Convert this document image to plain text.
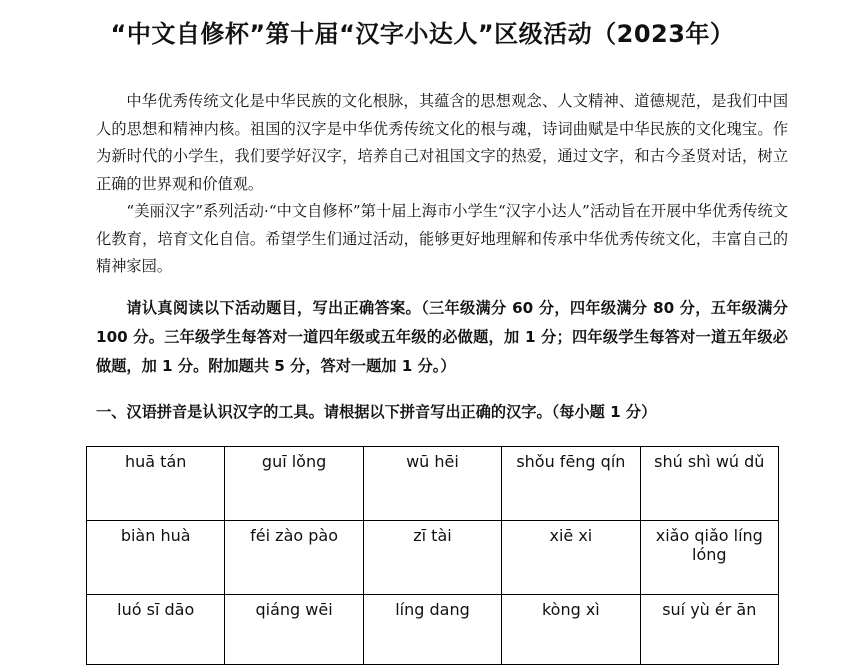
“中文自修杯”第十届“汉字小达人”区级活动（2023年）

中华优秀传统文化是中华民族的文化根脉，其蕴含的思想观念、人文精神、道德规范，是我们中国人的思想和精神内核。祖国的汉字是中华优秀传统文化的根与魂，诗词曲赋是中华民族的文化瑰宝。作为新时代的小学生，我们要学好汉字，培养自己对祖国文字的热爱，通过文字，和古今圣贤对话，树立正确的世界观和价值观。

“美丽汉字”系列活动·“中文自修杯”第十届上海市小学生“汉字小达人”活动旨在开展中华优秀传统文化教育，培育文化自信。希望学生们通过活动，能够更好地理解和传承中华优秀传统文化，丰富自己的精神家园。

请认真阅读以下活动题目，写出正确答案。（三年级满分 60 分，四年级满分 80 分，五年级满分 100 分。三年级学生每答对一道四年级或五年级的必做题，加 1 分；四年级学生每答对一道五年级必做题，加 1 分。附加题共 5 分，答对一题加 1 分。）

一、汉语拼音是认识汉字的工具。请根据以下拼音写出正确的汉字。（每小题 1 分）

huā tán	guī lǒng	wū hēi	shǒu fēng qín	shú shì wú dǔ
biàn huà	féi zào pào	zī tài	xiē xi	xiǎo qiǎo líng lóng
luó sī dāo	qiáng wēi	líng dang	kòng xì	suí yù ér ān
